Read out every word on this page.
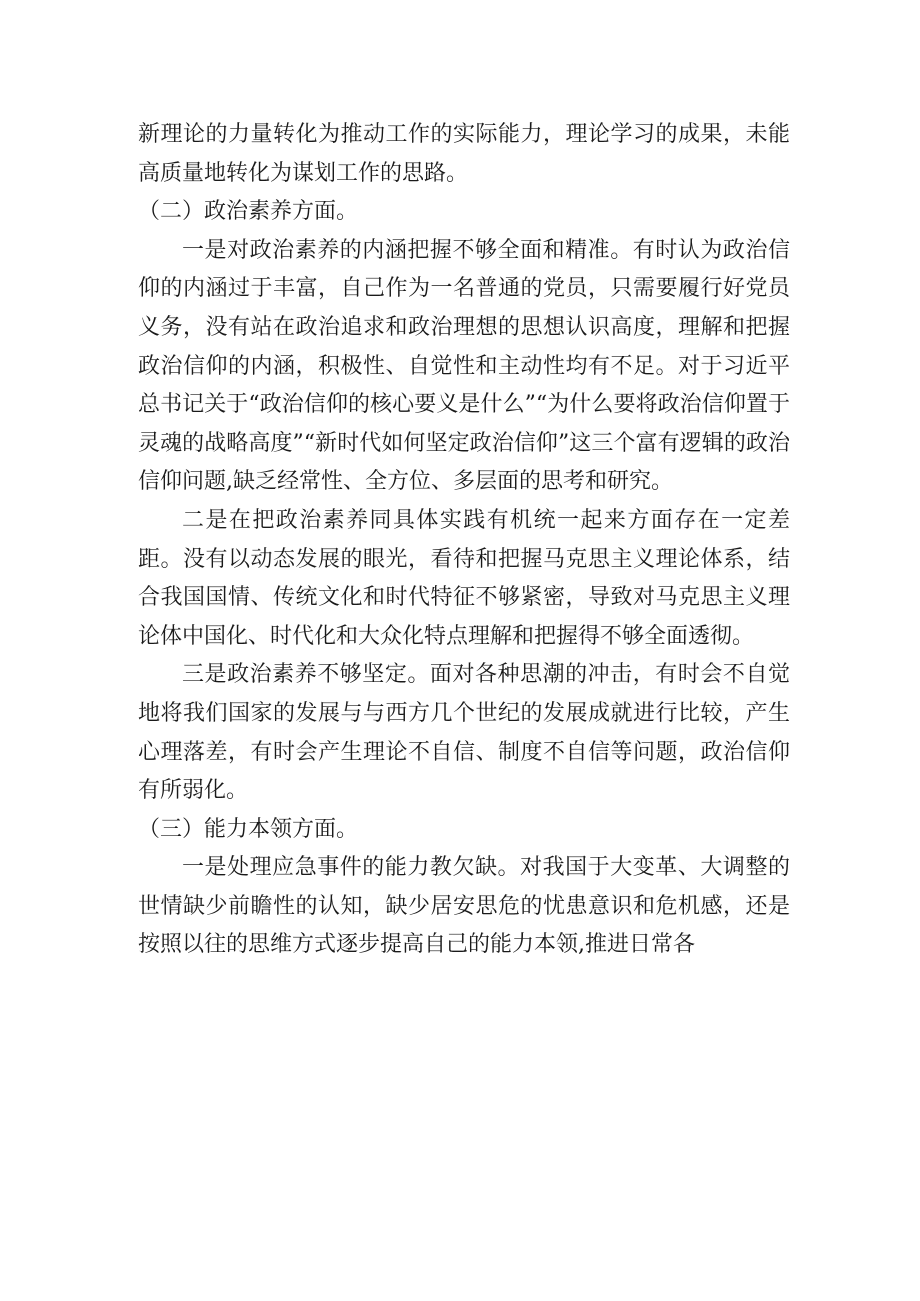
新理论的力量转化为推动工作的实际能力，理论学习的成果，未能高质量地转化为谋划工作的思路。

（二）政治素养方面。

一是对政治素养的内涵把握不够全面和精准。有时认为政治信仰的内涵过于丰富，自己作为一名普通的党员，只需要履行好党员义务，没有站在政治追求和政治理想的思想认识高度，理解和把握政治信仰的内涵，积极性、自觉性和主动性均有不足。对于习近平总书记关于“政治信仰的核心要义是什么”“为什么要将政治信仰置于灵魂的战略高度”“新时代如何坚定政治信仰”这三个富有逻辑的政治信仰问题,缺乏经常性、全方位、多层面的思考和研究。

二是在把政治素养同具体实践有机统一起来方面存在一定差距。没有以动态发展的眼光，看待和把握马克思主义理论体系，结合我国国情、传统文化和时代特征不够紧密，导致对马克思主义理论体中国化、时代化和大众化特点理解和把握得不够全面透彻。

三是政治素养不够坚定。面对各种思潮的冲击，有时会不自觉地将我们国家的发展与与西方几个世纪的发展成就进行比较，产生心理落差，有时会产生理论不自信、制度不自信等问题，政治信仰有所弱化。

（三）能力本领方面。

一是处理应急事件的能力教欠缺。对我国于大变革、大调整的世情缺少前瞻性的认知，缺少居安思危的忧患意识和危机感，还是按照以往的思维方式逐步提高自己的能力本领,推进日常各
